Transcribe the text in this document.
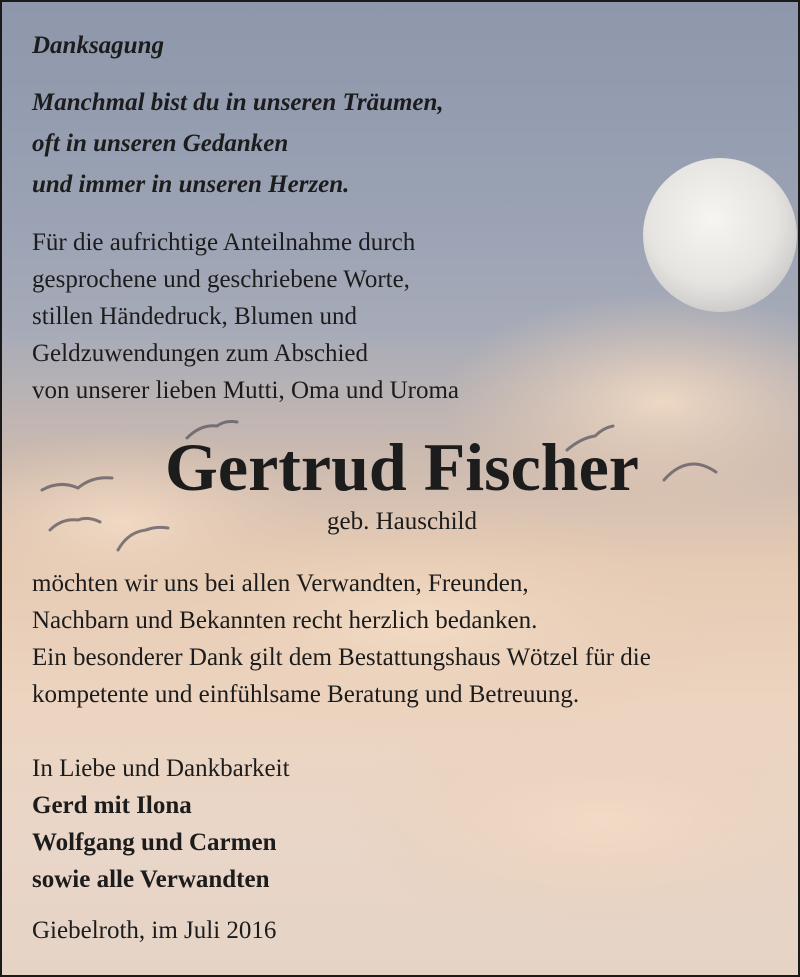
Danksagung

Manchmal bist du in unseren Träumen,
oft in unseren Gedanken
und immer in unseren Herzen.

Für die aufrichtige Anteilnahme durch
gesprochene und geschriebene Worte,
stillen Händedruck, Blumen und
Geldzuwendungen zum Abschied
von unserer lieben Mutti, Oma und Uroma

Gertrud Fischer

geb. Hauschild

möchten wir uns bei allen Verwandten, Freunden,
Nachbarn und Bekannten recht herzlich bedanken.
Ein besonderer Dank gilt dem Bestattungshaus Wötzel für die
kompetente und einfühlsame Beratung und Betreuung.

In Liebe und Dankbarkeit

Gerd mit Ilona
Wolfgang und Carmen
sowie alle Verwandten

Giebelroth, im Juli 2016
